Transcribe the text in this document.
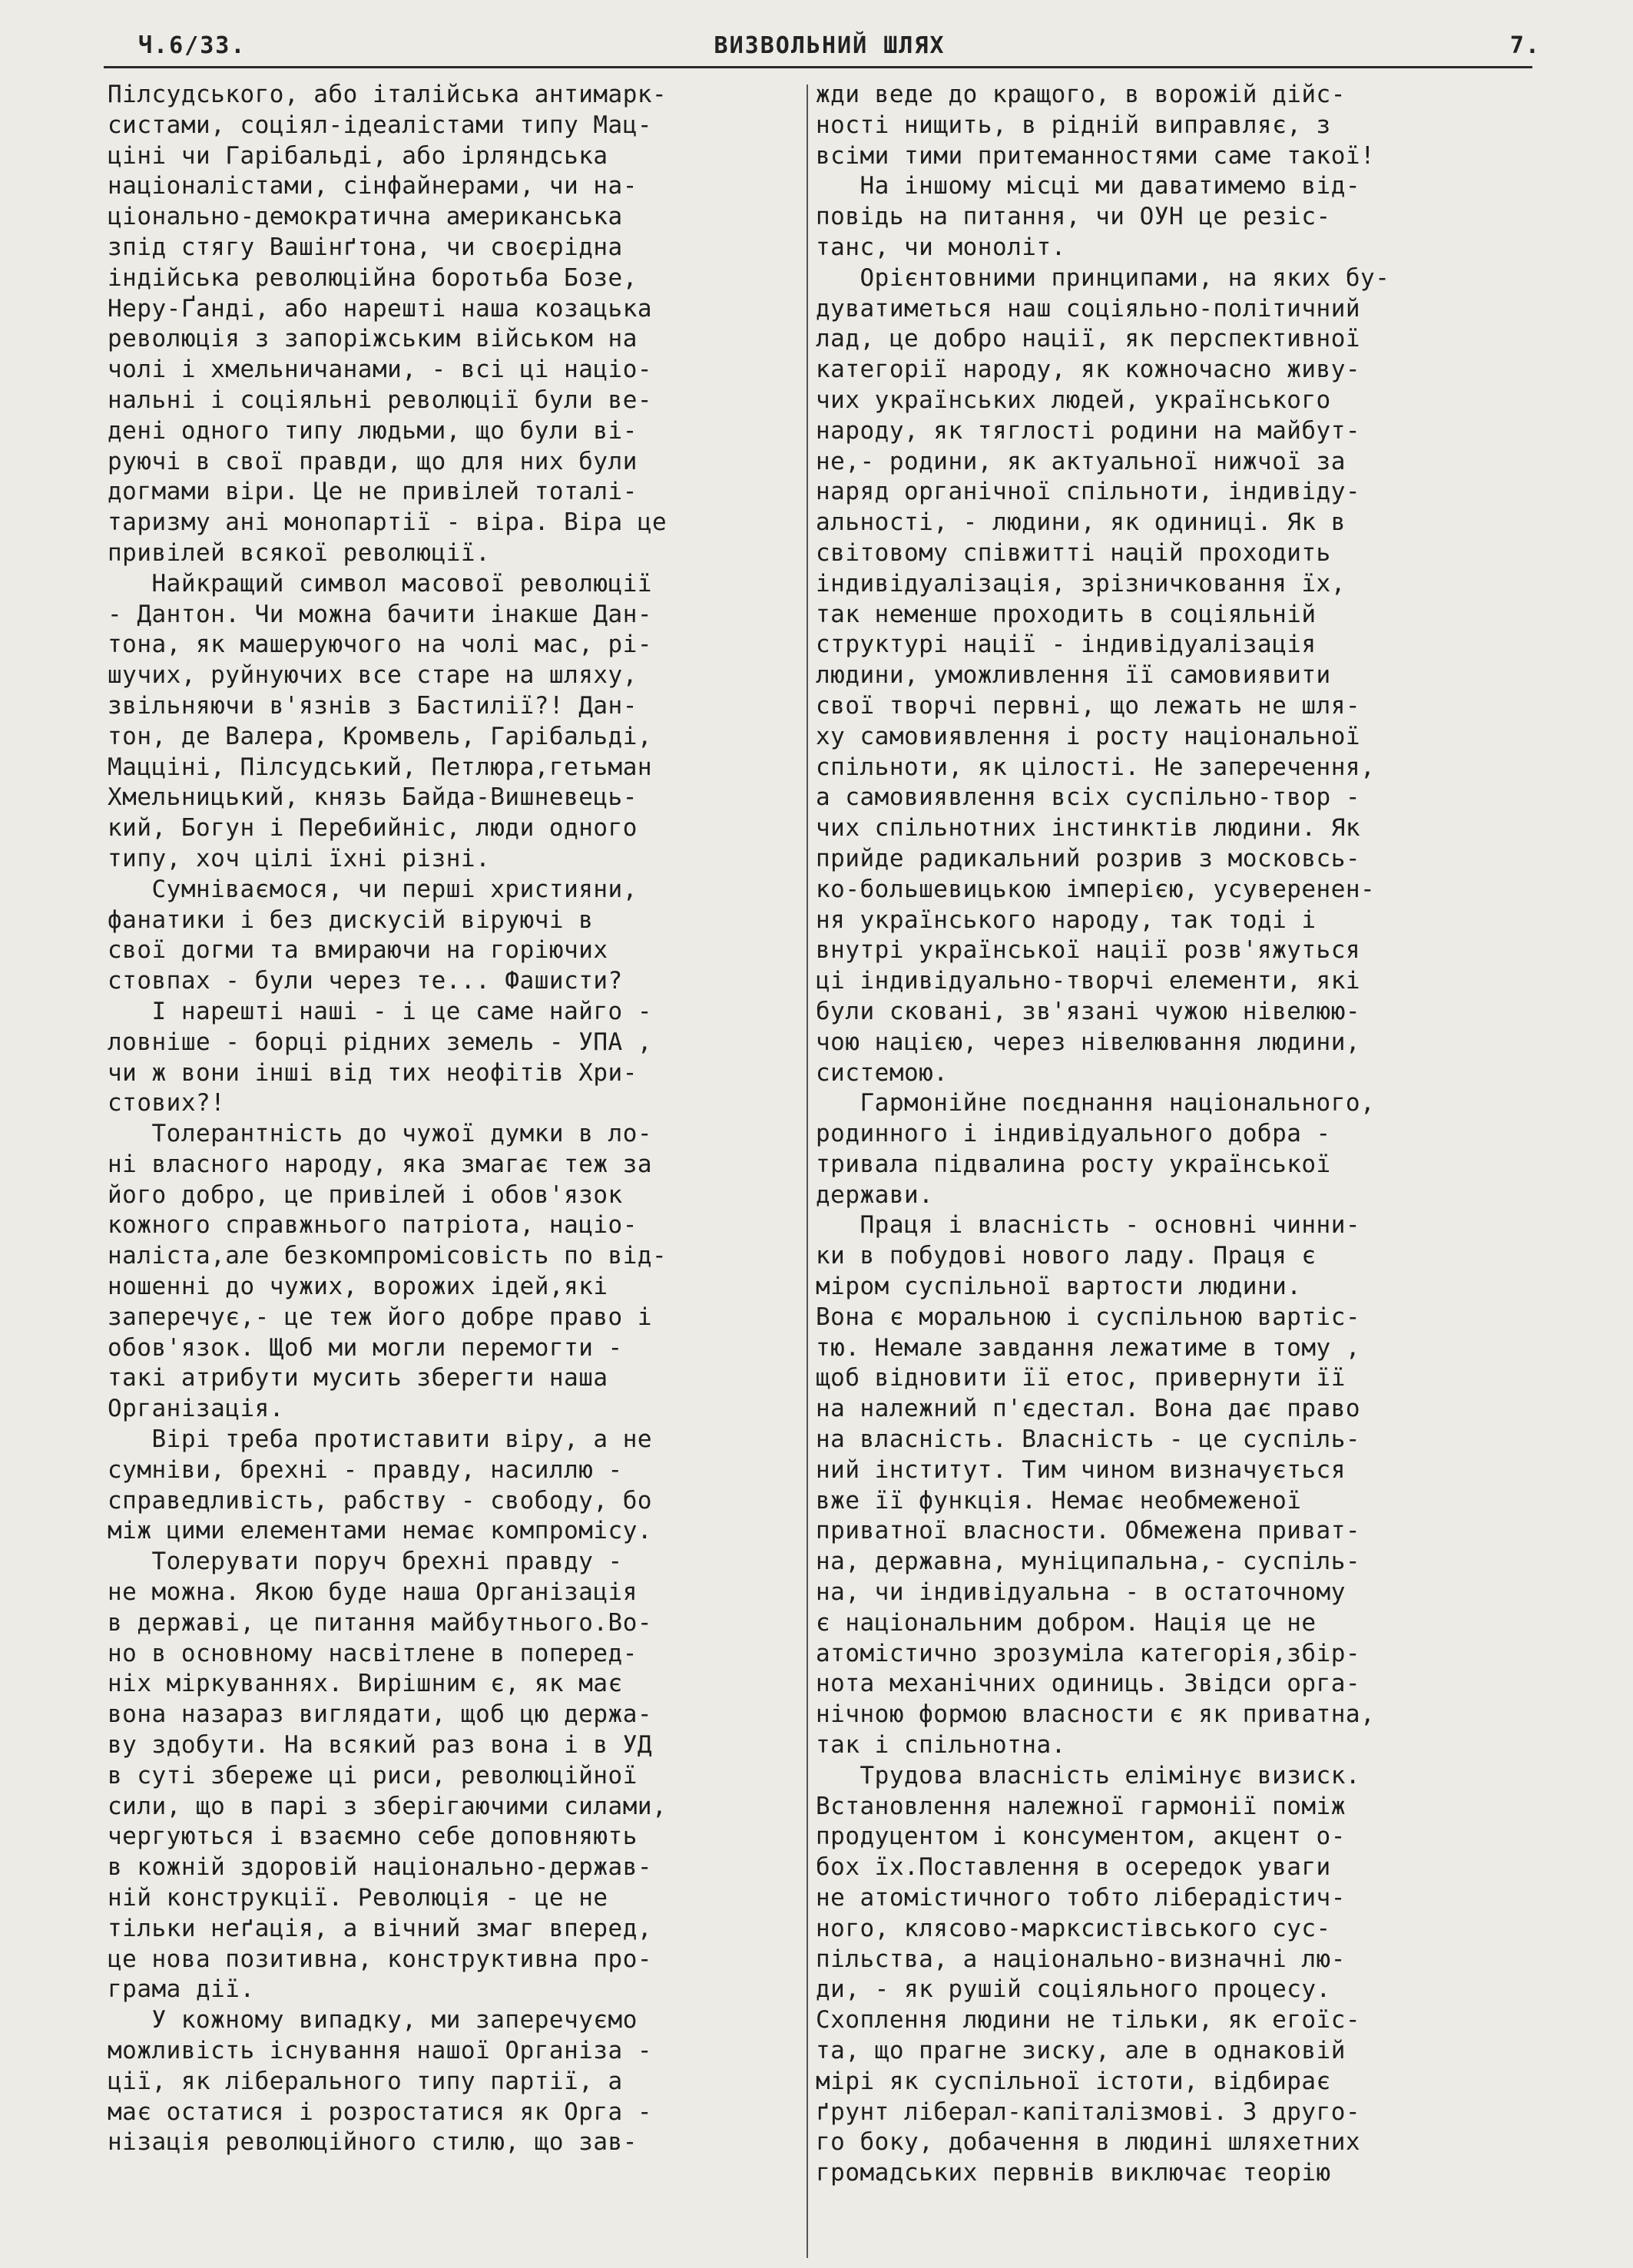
Ч.6/33.	ВИЗВОЛЬНИЙ ШЛЯХ	7.
Пілсудського, або італійська антимарк-
систами, соціял-ідеалістами типу Мац-
ціні чи Гарібальді, або ірляндська
націоналістами, сінфайнерами, чи на-
ціонально-демократична американська
зпід стягу Вашінґтона, чи своєрідна
індійська революційна боротьба Бозе,
Неру-Ґанді, або нарешті наша козацька
революція з запоріжським військом на
чолі і хмельничанами, - всі ці націо-
нальні і соціяльні революції були ве-
дені одного типу людьми, що були ві-
руючі в свої правди, що для них були
догмами віри. Це не привілей тоталі-
таризму ані монопартії - віра. Віра це
привілей всякої революції.
Найкращий символ масової революції
- Дантон. Чи можна бачити інакше Дан-
тона, як машеруючого на чолі мас, рі-
шучих, руйнуючих все старе на шляху,
звільняючи в'язнів з Бастилії?! Дан-
тон, де Валера, Кромвель, Гарібальді,
Мацціні, Пілсудський, Петлюра,гетьман
Хмельницький, князь Байда-Вишневець-
кий, Богун і Перебийніс, люди одного
типу, хоч цілі їхні різні.
Сумніваємося, чи перші християни,
фанатики і без дискусій віруючі в
свої догми та вмираючи на горіючих
стовпах - були через те... Фашисти?
І нарешті наші - і це саме найго -
ловніше - борці рідних земель - УПА ,
чи ж вони інші від тих неофітів Хри-
стових?!
Толерантність до чужої думки в ло-
ні власного народу, яка змагає теж за
його добро, це привілей і обов'язок
кожного справжнього патріота, націо-
наліста,але безкомпромісовість по від-
ношенні до чужих, ворожих ідей,які
заперечує,- це теж його добре право і
обов'язок. Щоб ми могли перемогти -
такі атрибути мусить зберегти наша
Організація.
Вірі треба протиставити віру, а не
сумніви, брехні - правду, насиллю -
справедливість, рабству - свободу, бо
між цими елементами немає компромісу.
Толерувати поруч брехні правду -
не можна. Якою буде наша Організація
в державі, це питання майбутнього.Во-
но в основному насвітлене в поперед-
ніх міркуваннях. Вирішним є, як має
вона назараз виглядати, щоб цю держа-
ву здобути. На всякий раз вона і в УД
в суті збереже ці риси, революційної
сили, що в парі з зберігаючими силами,
чергуються і взаємно себе доповняють
в кожній здоровій національно-держав-
ній конструкції. Революція - це не
тільки неґація, а вічний змаг вперед,
це нова позитивна, конструктивна про-
грама дії.
У кожному випадку, ми заперечуємо
можливість існування нашої Організа -
ції, як ліберального типу партії, а
має остатися і розростатися як Орга -
нізація революційного стилю, що зав-
жди веде до кращого, в ворожій дійс-
ності нищить, в рідній виправляє, з
всіми тими притеманностями саме такої!
На іншому місці ми даватимемо від-
повідь на питання, чи ОУН це резіс-
танс, чи моноліт.
Орієнтовними принципами, на яких бу-
дуватиметься наш соціяльно-політичний
лад, це добро нації, як перспективної
категорії народу, як кожночасно живу-
чих українських людей, українського
народу, як тяглості родини на майбут-
не,- родини, як актуальної нижчої за
наряд органічної спільноти, індивіду-
альності, - людини, як одиниці. Як в
світовому співжитті націй проходить
індивідуалізація, зрізничковання їх,
так неменше проходить в соціяльній
структурі нації - індивідуалізація
людини, уможливлення її самовиявити
свої творчі первні, що лежать не шля-
ху самовиявлення і росту національної
спільноти, як цілості. Не заперечення,
а самовиявлення всіх суспільно-твор -
чих спільнотних інстинктів людини. Як
прийде радикальний розрив з московсь-
ко-большевицькою імперією, усуверенен-
ня українського народу, так тоді і
внутрі української нації розв'яжуться
ці індивідуально-творчі елементи, які
були сковані, зв'язані чужою нівелюю-
чою нацією, через нівелювання людини,
системою.
Гармонійне поєднання національного,
родинного і індивідуального добра -
тривала підвалина росту української
держави.
Праця і власність - основні чинни-
ки в побудові нового ладу. Праця є
міром суспільної вартости людини.
Вона є моральною і суспільною вартіс-
тю. Немале завдання лежатиме в тому ,
щоб відновити її етос, привернути її
на належний п'єдестал. Вона дає право
на власність. Власність - це суспіль-
ний інститут. Тим чином визначується
вже її функція. Немає необмеженої
приватної власности. Обмежена приват-
на, державна, муніципальна,- суспіль-
на, чи індивідуальна - в остаточному
є національним добром. Нація це не
атомістично зрозуміла категорія,збір-
нота механічних одиниць. Звідси орга-
нічною формою власности є як приватна,
так і спільнотна.
Трудова власність елімінує визиск.
Встановлення належної гармонії поміж
продуцентом і консументом, акцент о-
бох їх.Поставлення в осередок уваги
не атомістичного тобто ліберадістич-
ного, клясово-марксистівського сус-
пільства, а національно-визначні лю-
ди, - як рушій соціяльного процесу.
Схоплення людини не тільки, як егоїс-
та, що прагне зиску, але в однаковій
мірі як суспільної істоти, відбирає
ґрунт ліберал-капіталізмові. З друго-
го боку, добачення в людині шляхетних
громадських первнів виключає теорію
